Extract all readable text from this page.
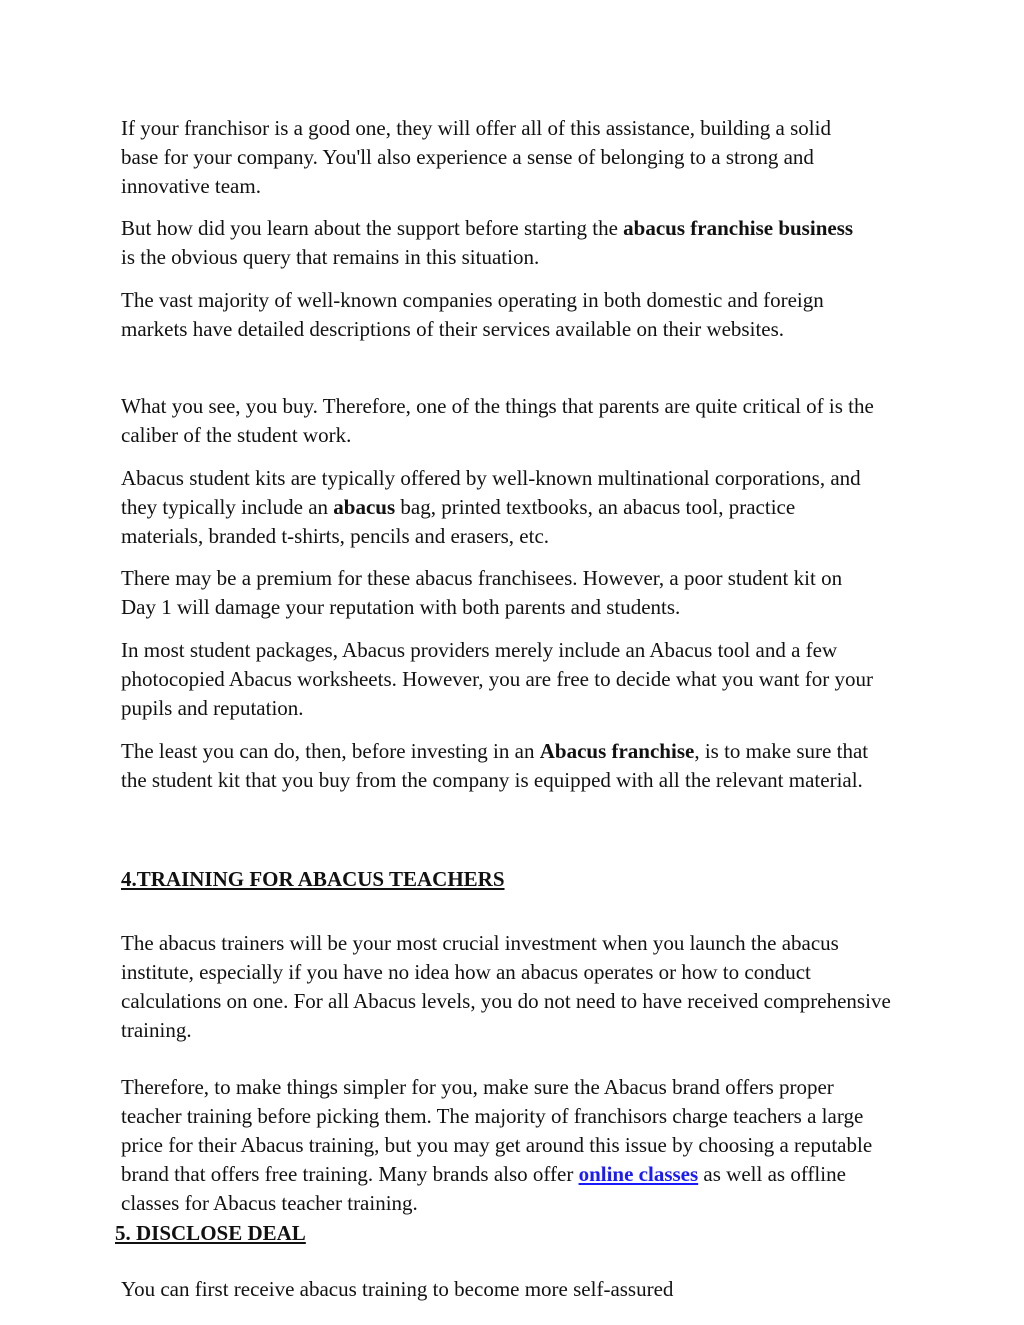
If your franchisor is a good one, they will offer all of this assistance, building a solid base for your company. You'll also experience a sense of belonging to a strong and innovative team.

But how did you learn about the support before starting the abacus franchise business is the obvious query that remains in this situation.

The vast majority of well-known companies operating in both domestic and foreign markets have detailed descriptions of their services available on their websites.

What you see, you buy. Therefore, one of the things that parents are quite critical of is the caliber of the student work.

Abacus student kits are typically offered by well-known multinational corporations, and they typically include an abacus bag, printed textbooks, an abacus tool, practice materials, branded t-shirts, pencils and erasers, etc.

There may be a premium for these abacus franchisees. However, a poor student kit on Day 1 will damage your reputation with both parents and students.

In most student packages, Abacus providers merely include an Abacus tool and a few photocopied Abacus worksheets. However, you are free to decide what you want for your pupils and reputation.

The least you can do, then, before investing in an Abacus franchise, is to make sure that the student kit that you buy from the company is equipped with all the relevant material.

4.TRAINING FOR ABACUS TEACHERS

The abacus trainers will be your most crucial investment when you launch the abacus institute, especially if you have no idea how an abacus operates or how to conduct calculations on one. For all Abacus levels, you do not need to have received comprehensive training.

Therefore, to make things simpler for you, make sure the Abacus brand offers proper teacher training before picking them. The majority of franchisors charge teachers a large price for their Abacus training, but you may get around this issue by choosing a reputable brand that offers free training. Many brands also offer online classes as well as offline classes for Abacus teacher training.

5. DISCLOSE DEAL

You can first receive abacus training to become more self-assured
